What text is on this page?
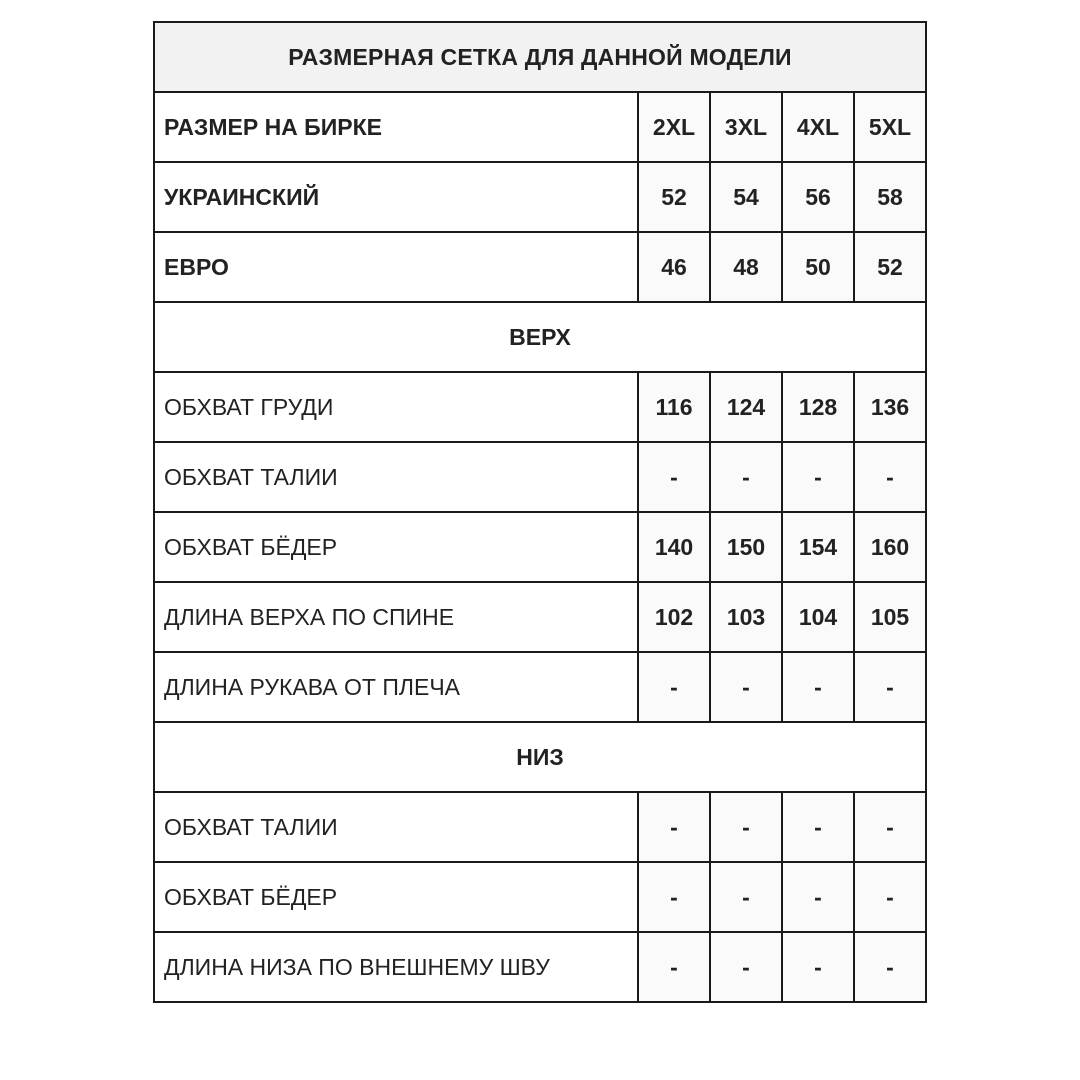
РАЗМЕРНАЯ СЕТКА ДЛЯ ДАННОЙ МОДЕЛИ				
РАЗМЕР НА БИРКЕ	2XL	3XL	4XL	5XL
УКРАИНСКИЙ	52	54	56	58
ЕВРО	46	48	50	52
ВЕРХ				
ОБХВАТ ГРУДИ	116	124	128	136
ОБХВАТ ТАЛИИ	-	-	-	-
ОБХВАТ БЁДЕР	140	150	154	160
ДЛИНА ВЕРХА ПО СПИНЕ	102	103	104	105
ДЛИНА РУКАВА ОТ ПЛЕЧА	-	-	-	-
НИЗ				
ОБХВАТ ТАЛИИ	-	-	-	-
ОБХВАТ БЁДЕР	-	-	-	-
ДЛИНА НИЗА ПО ВНЕШНЕМУ ШВУ	-	-	-	-
